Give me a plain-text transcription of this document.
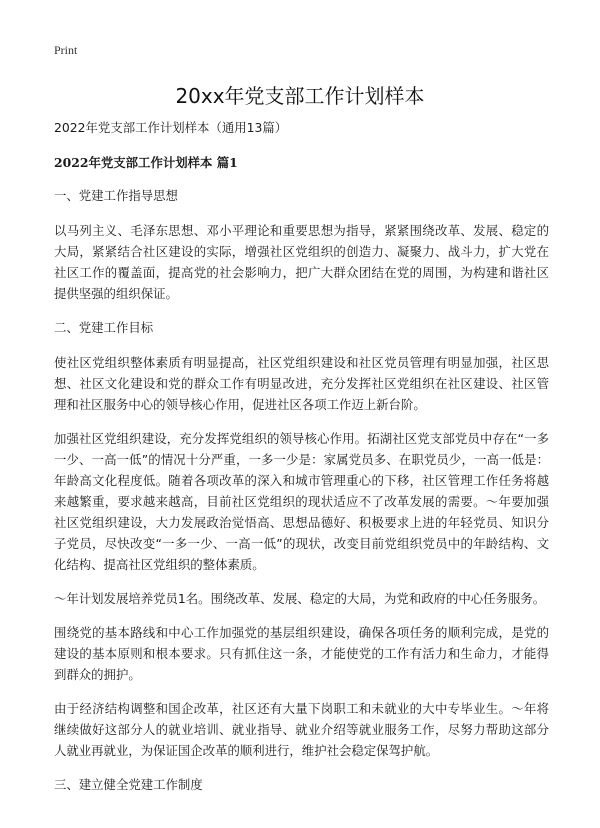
Print
20xx年党支部工作计划样本

2022年党支部工作计划样本（通用13篇）

2022年党支部工作计划样本 篇1

一、党建工作指导思想

以马列主义、毛泽东思想、邓小平理论和重要思想为指导，紧紧围绕改革、发展、稳定的大局，紧紧结合社区建设的实际，增强社区党组织的创造力、凝聚力、战斗力，扩大党在社区工作的覆盖面，提高党的社会影响力，把广大群众团结在党的周围，为构建和谐社区提供坚强的组织保证。

二、党建工作目标

使社区党组织整体素质有明显提高，社区党组织建设和社区党员管理有明显加强，社区思想、社区文化建设和党的群众工作有明显改进，充分发挥社区党组织在社区建设、社区管理和社区服务中心的领导核心作用，促进社区各项工作迈上新台阶。

加强社区党组织建设，充分发挥党组织的领导核心作用。拓湖社区党支部党员中存在“一多一少、一高一低”的情况十分严重，一多一少是：家属党员多、在职党员少，一高一低是：年龄高文化程度低。随着各项改革的深入和城市管理重心的下移，社区管理工作任务将越来越繁重，要求越来越高，目前社区党组织的现状适应不了改革发展的需要。～年要加强社区党组织建设，大力发展政治觉悟高、思想品德好、积极要求上进的年轻党员、知识分子党员，尽快改变“一多一少、一高一低”的现状，改变目前党组织党员中的年龄结构、文化结构、提高社区党组织的整体素质。

～年计划发展培养党员1名。围绕改革、发展、稳定的大局，为党和政府的中心任务服务。

围绕党的基本路线和中心工作加强党的基层组织建设，确保各项任务的顺利完成，是党的建设的基本原则和根本要求。只有抓住这一条，才能使党的工作有活力和生命力，才能得到群众的拥护。

由于经济结构调整和国企改革，社区还有大量下岗职工和未就业的大中专毕业生。～年将继续做好这部分人的就业培训、就业指导、就业介绍等就业服务工作，尽努力帮助这部分人就业再就业，为保证国企改革的顺利进行，维护社会稳定保驾护航。

三、建立健全党建工作制度
